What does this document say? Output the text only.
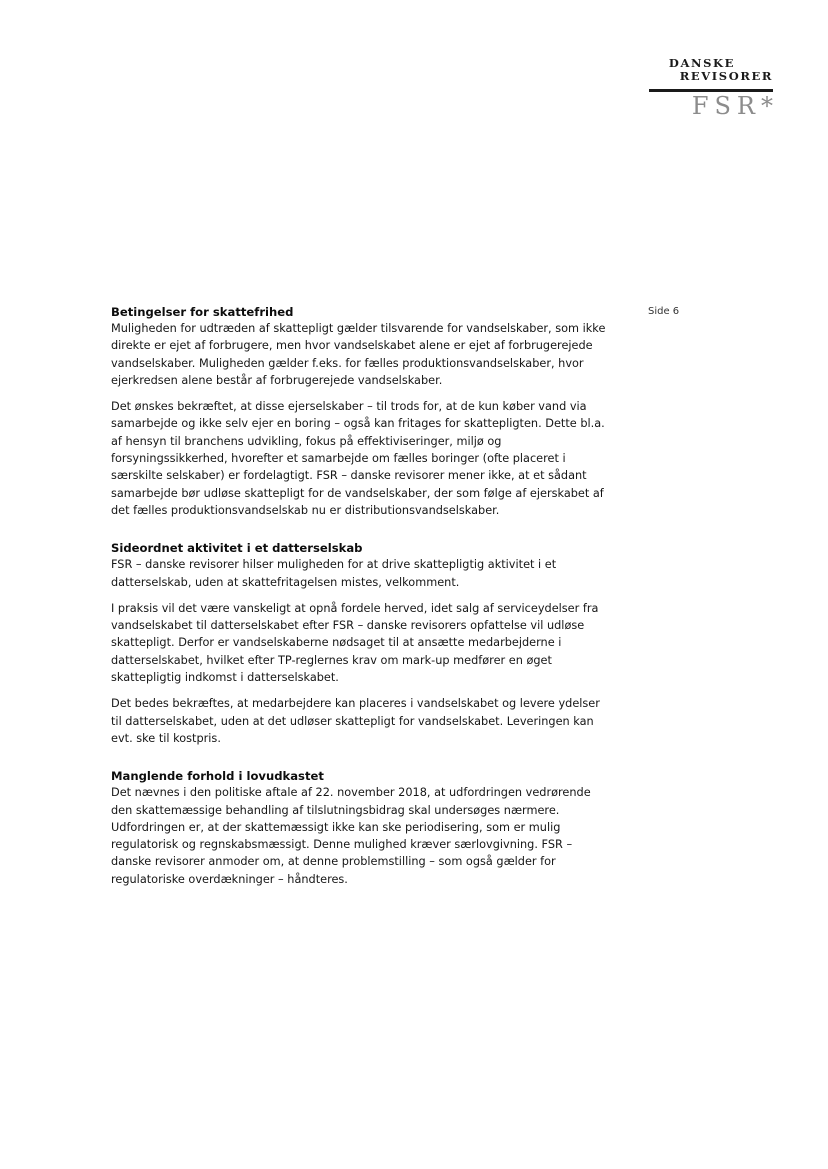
DANSKE
REVISORER
FSR*
Side 6
Betingelser for skattefrihed

Muligheden for udtræden af skattepligt gælder tilsvarende for vandselskaber, som ikke direkte er ejet af forbrugere, men hvor vandselskabet alene er ejet af forbrugerejede vandselskaber. Muligheden gælder f.eks. for fælles produktionsvandselskaber, hvor ejerkredsen alene består af forbrugerejede vandselskaber.

Det ønskes bekræftet, at disse ejerselskaber – til trods for, at de kun køber vand via samarbejde og ikke selv ejer en boring – også kan fritages for skattepligten. Dette bl.a. af hensyn til branchens udvikling, fokus på effektiviseringer, miljø og forsyningssikkerhed, hvorefter et samarbejde om fælles boringer (ofte placeret i særskilte selskaber) er fordelagtigt. FSR – danske revisorer mener ikke, at et sådant samarbejde bør udløse skattepligt for de vandselskaber, der som følge af ejerskabet af det fælles produktionsvandselskab nu er distributionsvandselskaber.

Sideordnet aktivitet i et datterselskab

FSR – danske revisorer hilser muligheden for at drive skattepligtig aktivitet i et datterselskab, uden at skattefritagelsen mistes, velkomment.

I praksis vil det være vanskeligt at opnå fordele herved, idet salg af serviceydelser fra vandselskabet til datterselskabet efter FSR – danske revisorers opfattelse vil udløse skattepligt. Derfor er vandselskaberne nødsaget til at ansætte medarbejderne i datterselskabet, hvilket efter TP-reglernes krav om mark-up medfører en øget skattepligtig indkomst i datterselskabet.

Det bedes bekræftes, at medarbejdere kan placeres i vandselskabet og levere ydelser til datterselskabet, uden at det udløser skattepligt for vandselskabet. Leveringen kan evt. ske til kostpris.

Manglende forhold i lovudkastet

Det nævnes i den politiske aftale af 22. november 2018, at udfordringen vedrørende den skattemæssige behandling af tilslutningsbidrag skal undersøges nærmere. Udfordringen er, at der skattemæssigt ikke kan ske periodisering, som er mulig regulatorisk og regnskabsmæssigt. Denne mulighed kræver særlovgivning. FSR – danske revisorer anmoder om, at denne problemstilling – som også gælder for regulatoriske overdækninger – håndteres.
